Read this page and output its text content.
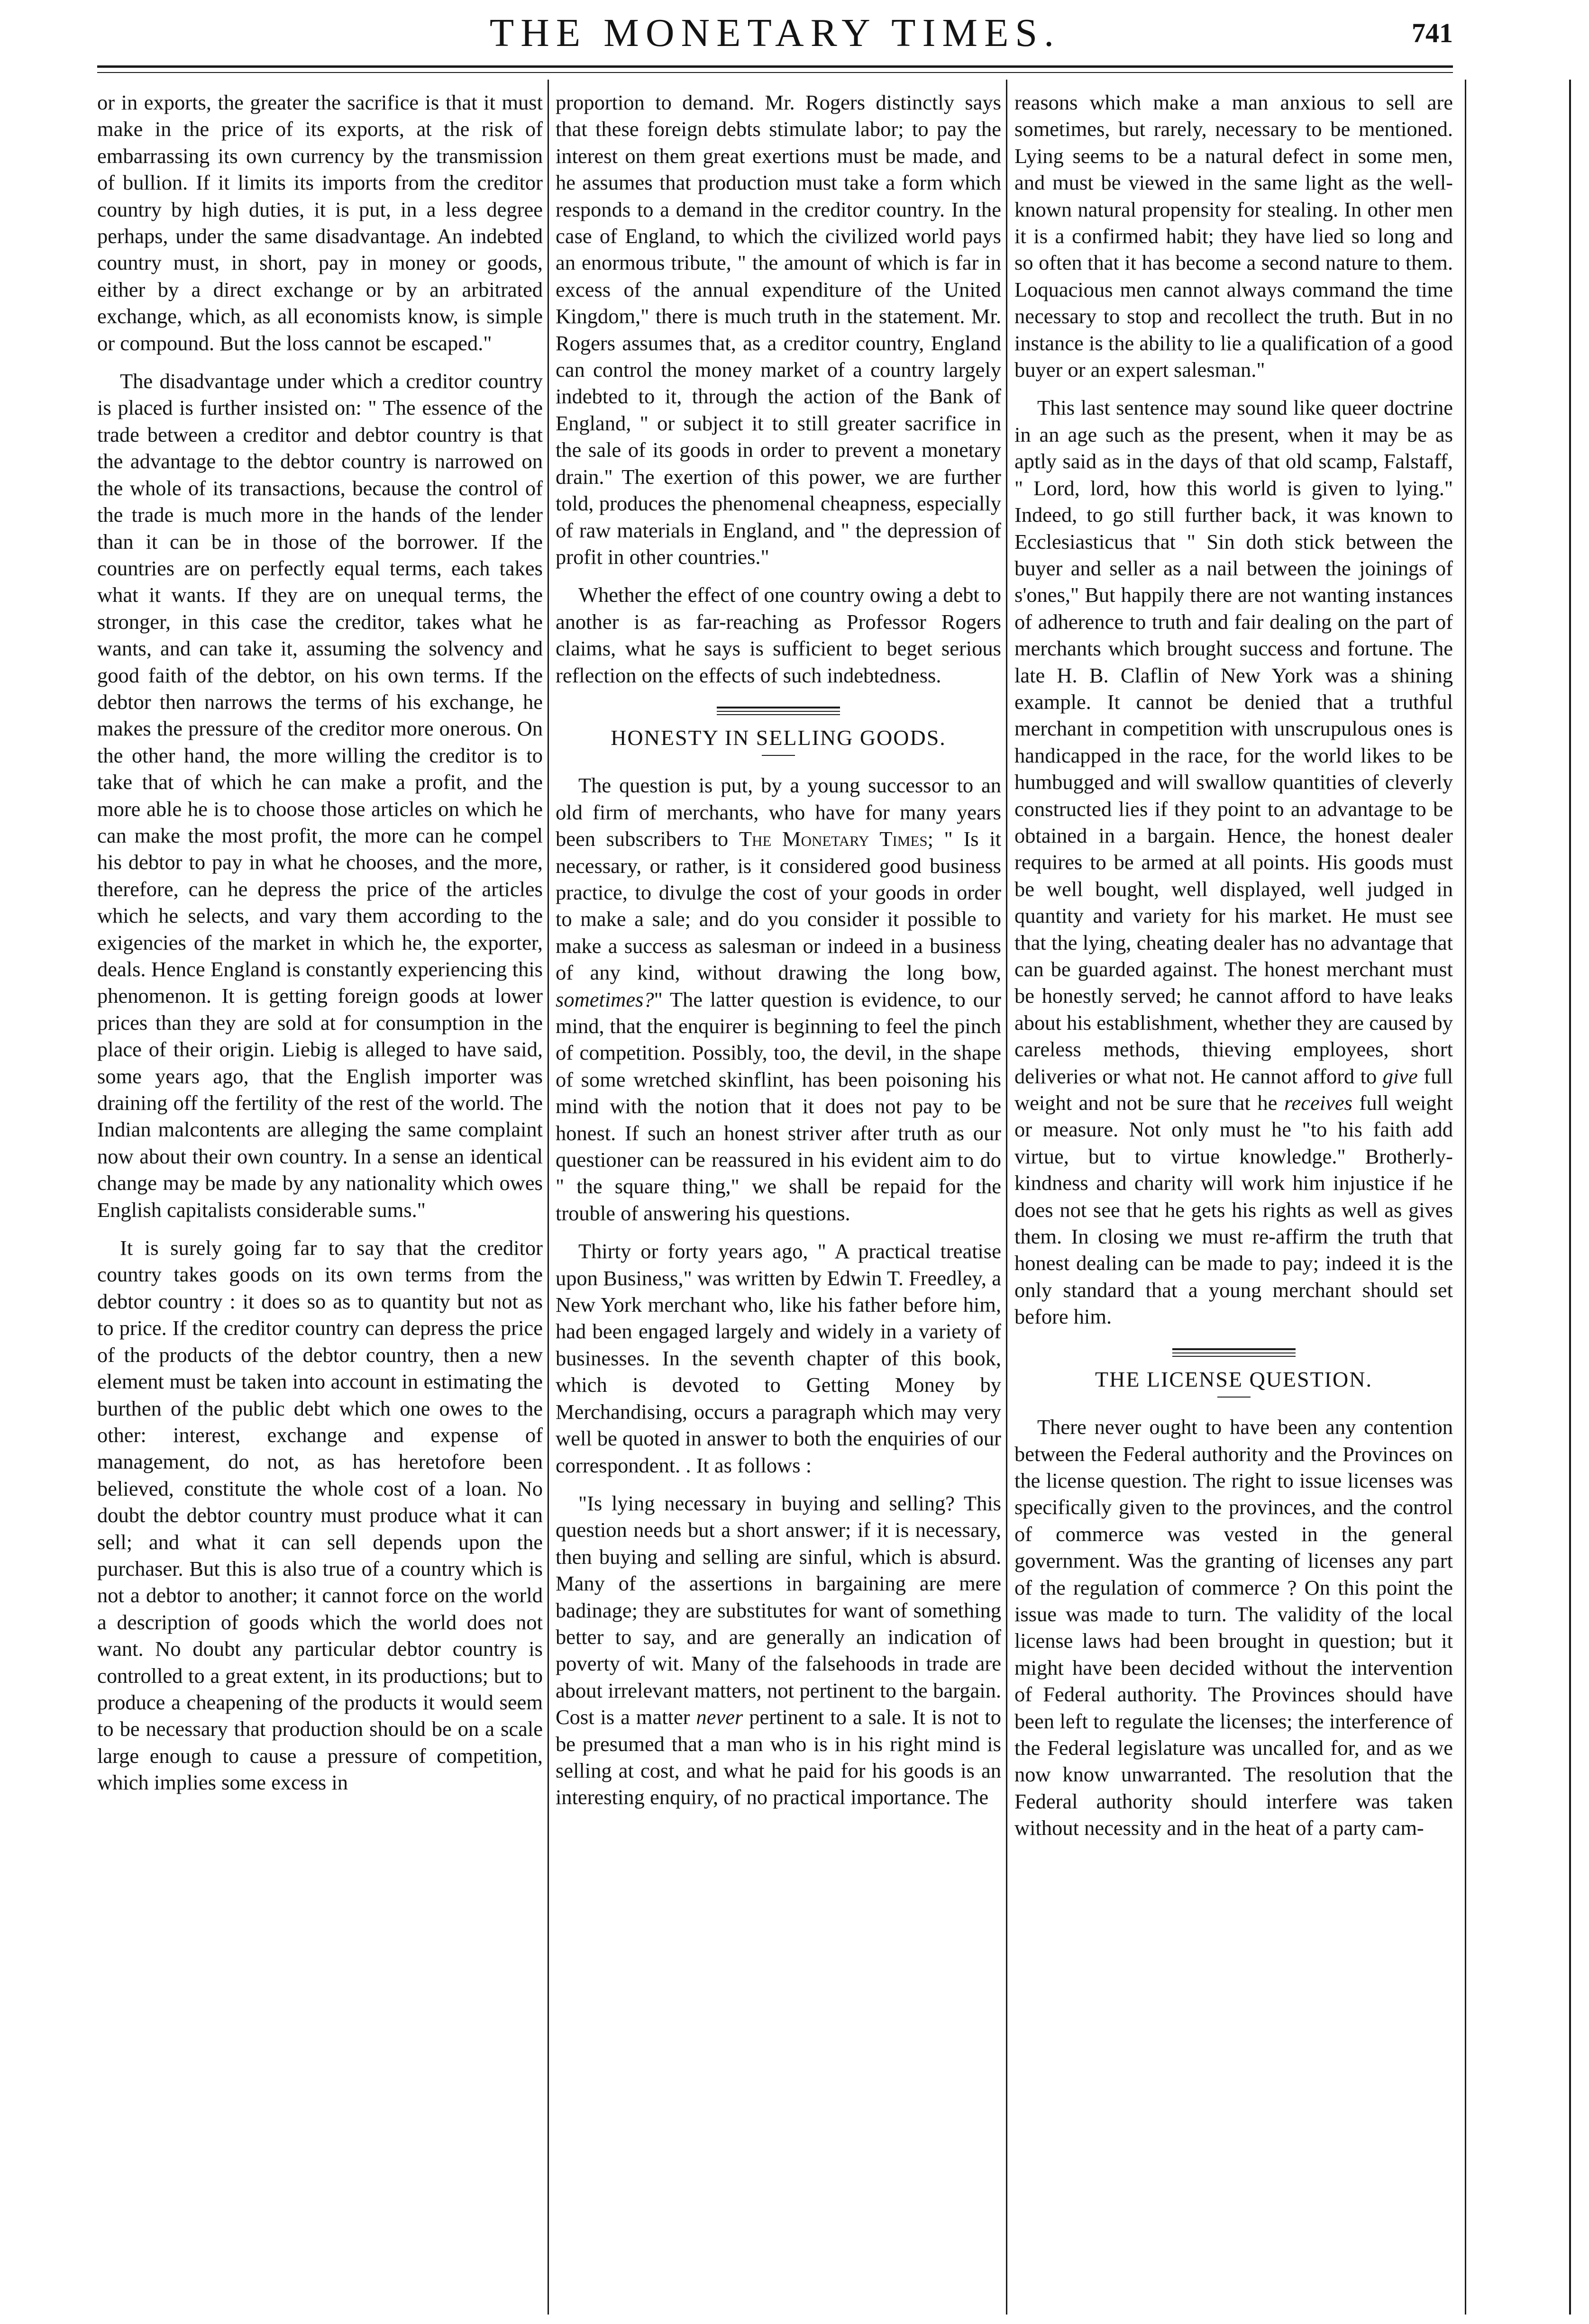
THE MONETARY TIMES.	741

or in exports, the greater the sacrifice is that it must make in the price of its exports, at the risk of embarrassing its own currency by the transmission of bullion. If it limits its imports from the creditor country by high duties, it is put, in a less degree perhaps, under the same disadvantage. An indebted country must, in short, pay in money or goods, either by a direct exchange or by an arbitrated exchange, which, as all economists know, is simple or compound. But the loss cannot be escaped."

The disadvantage under which a creditor country is placed is further insisted on: " The essence of the trade between a creditor and debtor country is that the advantage to the debtor country is narrowed on the whole of its transactions, because the control of the trade is much more in the hands of the lender than it can be in those of the borrower. If the countries are on perfectly equal terms, each takes what it wants. If they are on unequal terms, the stronger, in this case the creditor, takes what he wants, and can take it, assuming the solvency and good faith of the debtor, on his own terms. If the debtor then narrows the terms of his exchange, he makes the pressure of the creditor more onerous. On the other hand, the more willing the creditor is to take that of which he can make a profit, and the more able he is to choose those articles on which he can make the most profit, the more can he compel his debtor to pay in what he chooses, and the more, therefore, can he depress the price of the articles which he selects, and vary them according to the exigencies of the market in which he, the exporter, deals. Hence England is constantly experiencing this phenomenon. It is getting foreign goods at lower prices than they are sold at for consumption in the place of their origin. Liebig is alleged to have said, some years ago, that the English importer was draining off the fertility of the rest of the world. The Indian malcontents are alleging the same complaint now about their own country. In a sense an identical change may be made by any nationality which owes English capitalists considerable sums."

It is surely going far to say that the creditor country takes goods on its own terms from the debtor country : it does so as to quantity but not as to price. If the creditor country can depress the price of the products of the debtor country, then a new element must be taken into account in estimating the burthen of the public debt which one owes to the other: interest, exchange and expense of management, do not, as has heretofore been believed, constitute the whole cost of a loan. No doubt the debtor country must produce what it can sell; and what it can sell depends upon the purchaser. But this is also true of a country which is not a debtor to another; it cannot force on the world a description of goods which the world does not want. No doubt any particular debtor country is controlled to a great extent, in its productions; but to produce a cheapening of the products it would seem to be necessary that production should be on a scale large enough to cause a pressure of competition, which implies some excess in

proportion to demand. Mr. Rogers distinctly says that these foreign debts stimulate labor; to pay the interest on them great exertions must be made, and he assumes that production must take a form which responds to a demand in the creditor country. In the case of England, to which the civilized world pays an enormous tribute, " the amount of which is far in excess of the annual expenditure of the United Kingdom," there is much truth in the statement. Mr. Rogers assumes that, as a creditor country, England can control the money market of a country largely indebted to it, through the action of the Bank of England, " or subject it to still greater sacrifice in the sale of its goods in order to prevent a monetary drain." The exertion of this power, we are further told, produces the phenomenal cheapness, especially of raw materials in England, and " the depression of profit in other countries."

Whether the effect of one country owing a debt to another is as far-reaching as Professor Rogers claims, what he says is sufficient to beget serious reflection on the effects of such indebtedness.

HONESTY IN SELLING GOODS.

The question is put, by a young successor to an old firm of merchants, who have for many years been subscribers to The Monetary Times; " Is it necessary, or rather, is it considered good business practice, to divulge the cost of your goods in order to make a sale; and do you consider it possible to make a success as salesman or indeed in a business of any kind, without drawing the long bow, sometimes?" The latter question is evidence, to our mind, that the enquirer is beginning to feel the pinch of competition. Possibly, too, the devil, in the shape of some wretched skinflint, has been poisoning his mind with the notion that it does not pay to be honest. If such an honest striver after truth as our questioner can be reassured in his evident aim to do " the square thing," we shall be repaid for the trouble of answering his questions.

Thirty or forty years ago, " A practical treatise upon Business," was written by Edwin T. Freedley, a New York merchant who, like his father before him, had been engaged largely and widely in a variety of businesses. In the seventh chapter of this book, which is devoted to Getting Money by Merchandising, occurs a paragraph which may very well be quoted in answer to both the enquiries of our correspondent. . It as follows :

"Is lying necessary in buying and selling? This question needs but a short answer; if it is necessary, then buying and selling are sinful, which is absurd. Many of the assertions in bargaining are mere badinage; they are substitutes for want of something better to say, and are generally an indication of poverty of wit. Many of the falsehoods in trade are about irrelevant matters, not pertinent to the bargain. Cost is a matter never pertinent to a sale. It is not to be presumed that a man who is in his right mind is selling at cost, and what he paid for his goods is an interesting enquiry, of no practical importance. The

reasons which make a man anxious to sell are sometimes, but rarely, necessary to be mentioned. Lying seems to be a natural defect in some men, and must be viewed in the same light as the well-known natural propensity for stealing. In other men it is a confirmed habit; they have lied so long and so often that it has become a second nature to them. Loquacious men cannot always command the time necessary to stop and recollect the truth. But in no instance is the ability to lie a qualification of a good buyer or an expert salesman."

This last sentence may sound like queer doctrine in an age such as the present, when it may be as aptly said as in the days of that old scamp, Falstaff, " Lord, lord, how this world is given to lying." Indeed, to go still further back, it was known to Ecclesiasticus that " Sin doth stick between the buyer and seller as a nail between the joinings of s'ones," But happily there are not wanting instances of adherence to truth and fair dealing on the part of merchants which brought success and fortune. The late H. B. Claflin of New York was a shining example. It cannot be denied that a truthful merchant in competition with unscrupulous ones is handicapped in the race, for the world likes to be humbugged and will swallow quantities of cleverly constructed lies if they point to an advantage to be obtained in a bargain. Hence, the honest dealer requires to be armed at all points. His goods must be well bought, well displayed, well judged in quantity and variety for his market. He must see that the lying, cheating dealer has no advantage that can be guarded against. The honest merchant must be honestly served; he cannot afford to have leaks about his establishment, whether they are caused by careless methods, thieving employees, short deliveries or what not. He cannot afford to give full weight and not be sure that he receives full weight or measure. Not only must he "to his faith add virtue, but to virtue knowledge." Brotherly-kindness and charity will work him injustice if he does not see that he gets his rights as well as gives them. In closing we must re-affirm the truth that honest dealing can be made to pay; indeed it is the only standard that a young merchant should set before him.

THE LICENSE QUESTION.

There never ought to have been any contention between the Federal authority and the Provinces on the license question. The right to issue licenses was specifically given to the provinces, and the control of commerce was vested in the general government. Was the granting of licenses any part of the regulation of commerce ? On this point the issue was made to turn. The validity of the local license laws had been brought in question; but it might have been decided without the intervention of Federal authority. The Provinces should have been left to regulate the licenses; the interference of the Federal legislature was uncalled for, and as we now know unwarranted. The resolution that the Federal authority should interfere was taken without necessity and in the heat of a party cam-
